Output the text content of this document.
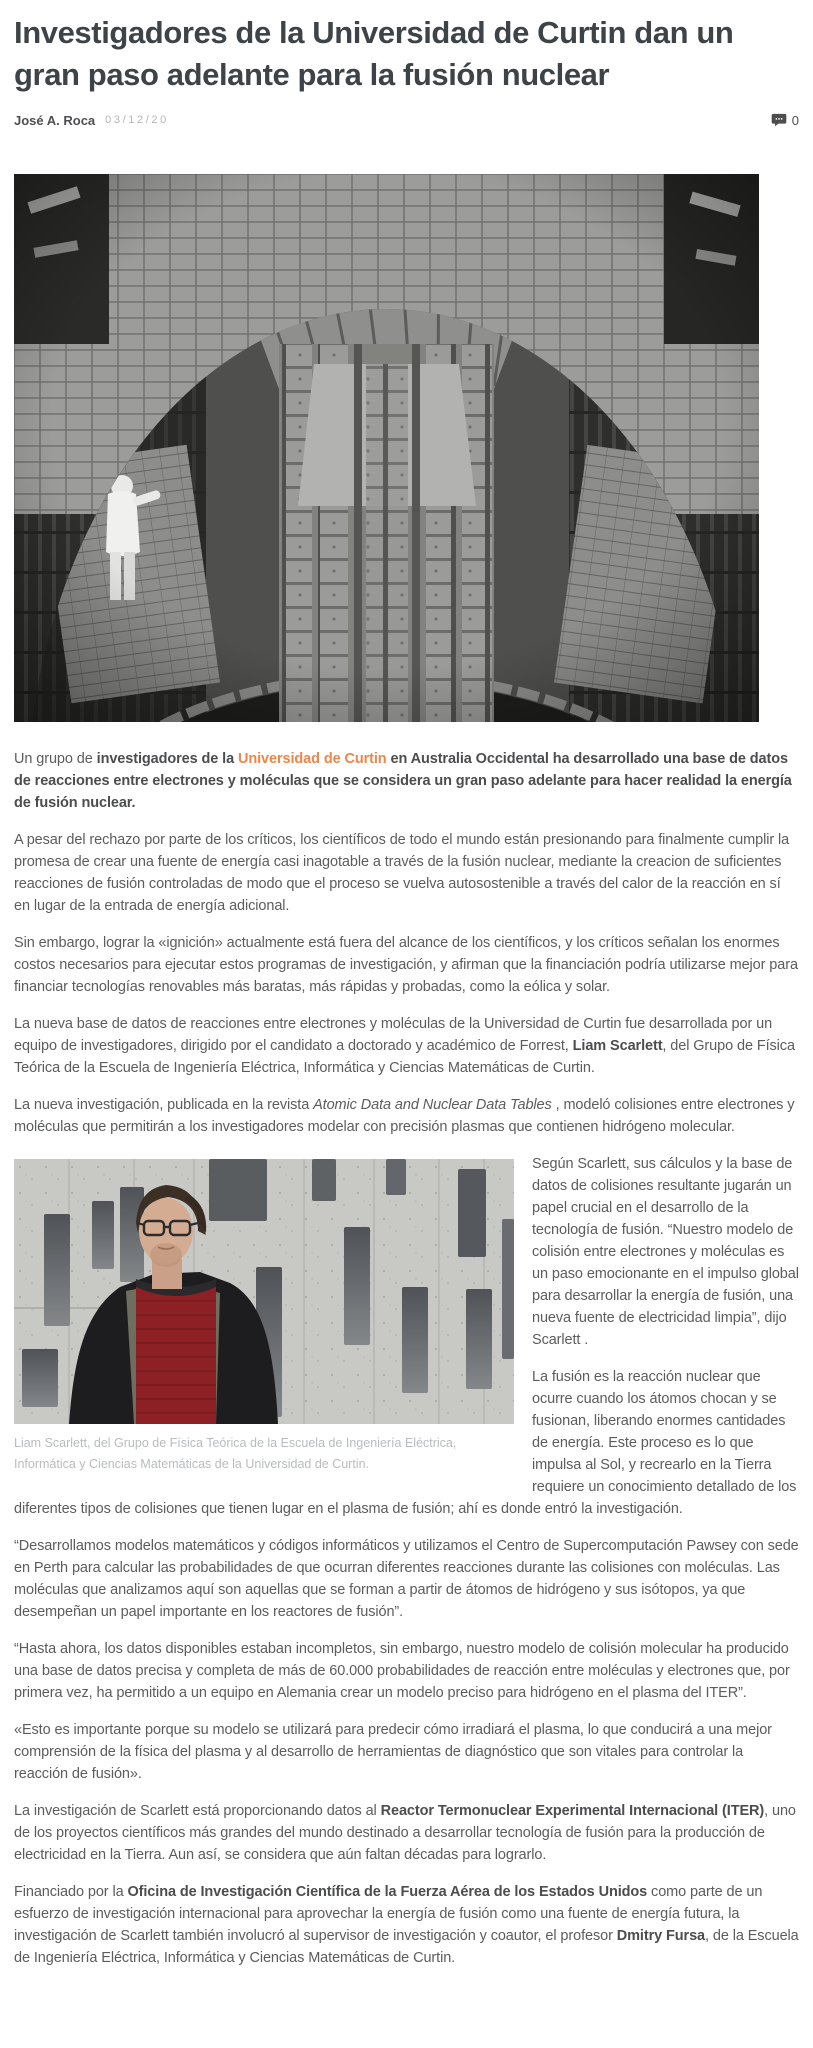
Investigadores de la Universidad de Curtin dan un gran paso adelante para la fusión nuclear
José A. Roca 03/12/20	0

Un grupo de investigadores de la Universidad de Curtin en Australia Occidental ha desarrollado una base de datos de reacciones entre electrones y moléculas que se considera un gran paso adelante para hacer realidad la energía de fusión nuclear.

A pesar del rechazo por parte de los críticos, los científicos de todo el mundo están presionando para finalmente cumplir la promesa de crear una fuente de energía casi inagotable a través de la fusión nuclear, mediante la creacion de suficientes reacciones de fusión controladas de modo que el proceso se vuelva autosostenible a través del calor de la reacción en sí en lugar de la entrada de energía adicional.

Sin embargo, lograr la «ignición» actualmente está fuera del alcance de los científicos, y los críticos señalan los enormes costos necesarios para ejecutar estos programas de investigación, y afirman que la financiación podría utilizarse mejor para financiar tecnologías renovables más baratas, más rápidas y probadas, como la eólica y solar.

La nueva base de datos de reacciones entre electrones y moléculas de la Universidad de Curtin fue desarrollada por un equipo de investigadores, dirigido por el candidato a doctorado y académico de Forrest, Liam Scarlett, del Grupo de Física Teórica de la Escuela de Ingeniería Eléctrica, Informática y Ciencias Matemáticas de Curtin.

La nueva investigación, publicada en la revista Atomic Data and Nuclear Data Tables , modeló colisiones entre electrones y moléculas que permitirán a los investigadores modelar con precisión plasmas que contienen hidrógeno molecular.

Liam Scarlett, del Grupo de Física Teórica de la Escuela de Ingeniería Eléctrica, Informática y Ciencias Matemáticas de la Universidad de Curtin.

Según Scarlett, sus cálculos y la base de datos de colisiones resultante jugarán un papel crucial en el desarrollo de la tecnología de fusión. “Nuestro modelo de colisión entre electrones y moléculas es un paso emocionante en el impulso global para desarrollar la energía de fusión, una nueva fuente de electricidad limpia”, dijo Scarlett .

La fusión es la reacción nuclear que ocurre cuando los átomos chocan y se fusionan, liberando enormes cantidades de energía. Este proceso es lo que impulsa al Sol, y recrearlo en la Tierra requiere un conocimiento detallado de los diferentes tipos de colisiones que tienen lugar en el plasma de fusión; ahí es donde entró la investigación.

“Desarrollamos modelos matemáticos y códigos informáticos y utilizamos el Centro de Supercomputación Pawsey con sede en Perth para calcular las probabilidades de que ocurran diferentes reacciones durante las colisiones con moléculas. Las moléculas que analizamos aquí son aquellas que se forman a partir de átomos de hidrógeno y sus isótopos, ya que desempeñan un papel importante en los reactores de fusión”.

“Hasta ahora, los datos disponibles estaban incompletos, sin embargo, nuestro modelo de colisión molecular ha producido una base de datos precisa y completa de más de 60.000 probabilidades de reacción entre moléculas y electrones que, por primera vez, ha permitido a un equipo en Alemania crear un modelo preciso para hidrógeno en el plasma del ITER”.

«Esto es importante porque su modelo se utilizará para predecir cómo irradiará el plasma, lo que conducirá a una mejor comprensión de la física del plasma y al desarrollo de herramientas de diagnóstico que son vitales para controlar la reacción de fusión».

La investigación de Scarlett está proporcionando datos al Reactor Termonuclear Experimental Internacional (ITER), uno de los proyectos científicos más grandes del mundo destinado a desarrollar tecnología de fusión para la producción de electricidad en la Tierra. Aun así, se considera que aún faltan décadas para lograrlo.

Financiado por la Oficina de Investigación Científica de la Fuerza Aérea de los Estados Unidos como parte de un esfuerzo de investigación internacional para aprovechar la energía de fusión como una fuente de energía futura, la investigación de Scarlett también involucró al supervisor de investigación y coautor, el profesor Dmitry Fursa, de la Escuela de Ingeniería Eléctrica, Informática y Ciencias Matemáticas de Curtin.
